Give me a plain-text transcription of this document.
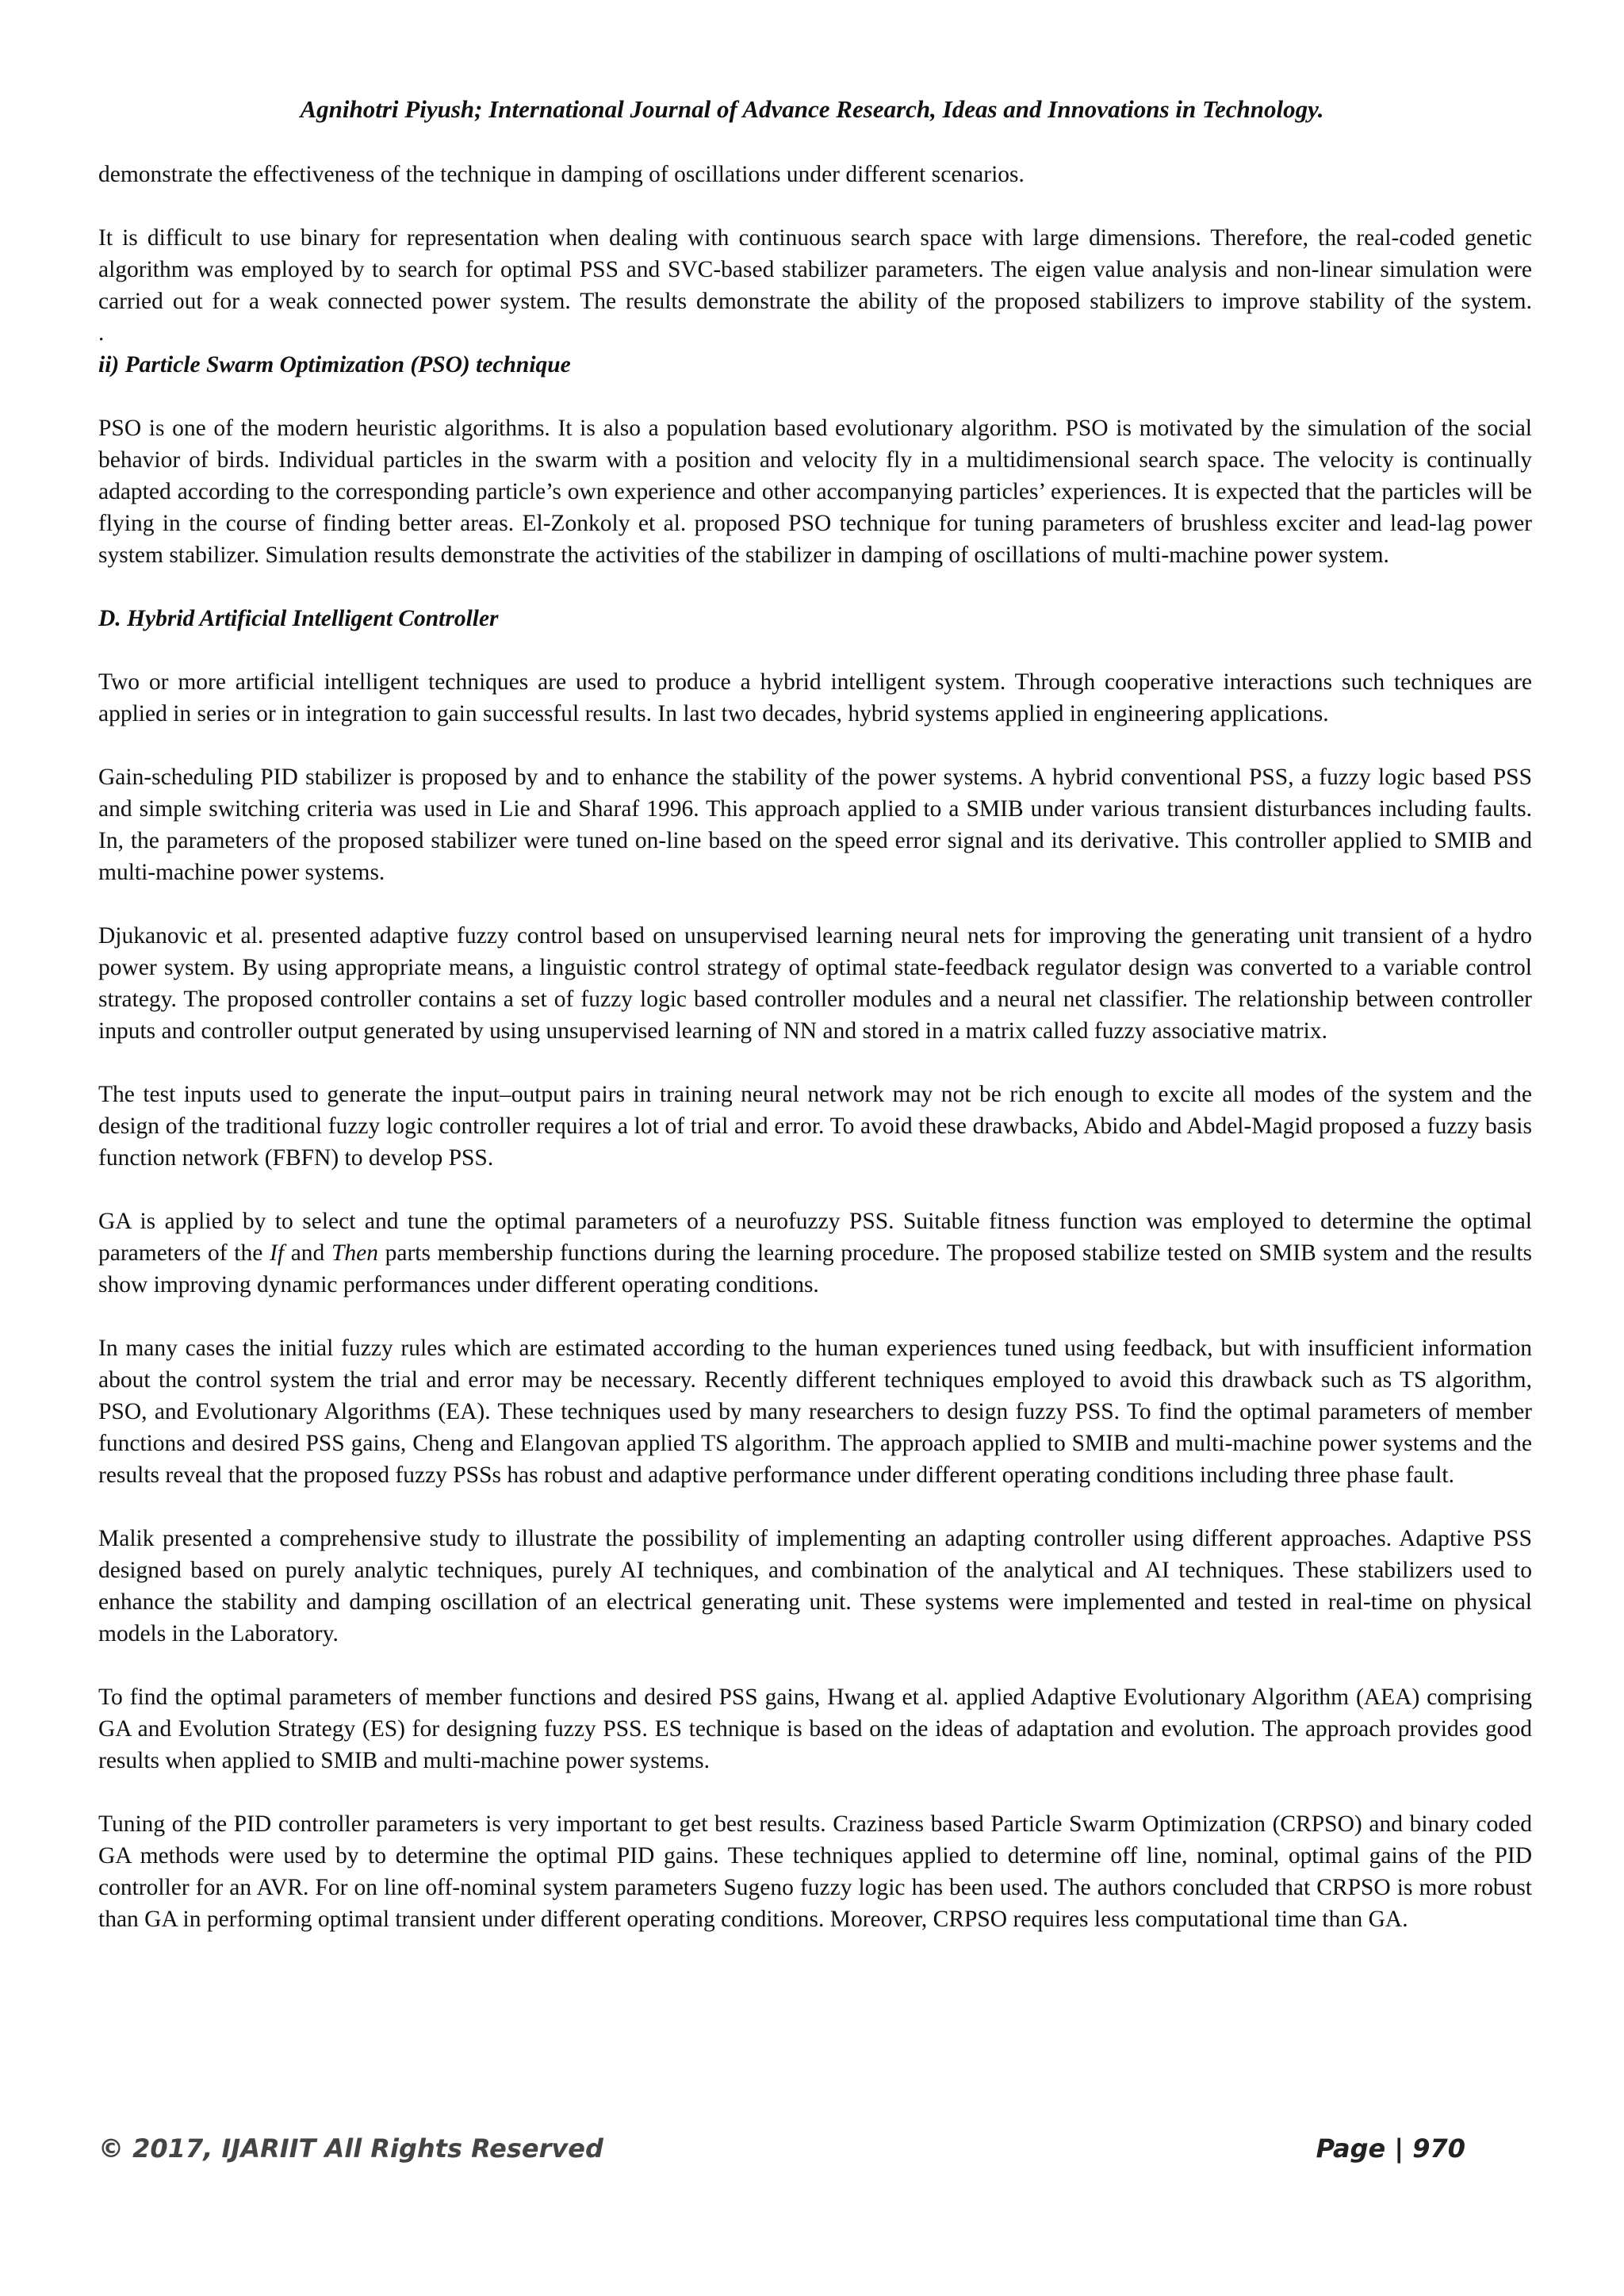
Agnihotri Piyush; International Journal of Advance Research, Ideas and Innovations in Technology.

demonstrate the effectiveness of the technique in damping of oscillations under different scenarios.

It is difficult to use binary for representation when dealing with continuous search space with large dimensions. Therefore, the real-coded genetic algorithm was employed by to search for optimal PSS and SVC-based stabilizer parameters. The eigen value analysis and non-linear simulation were carried out for a weak connected power system. The results demonstrate the ability of the proposed stabilizers to improve stability of the system.

.
ii) Particle Swarm Optimization (PSO) technique

PSO is one of the modern heuristic algorithms. It is also a population based evolutionary algorithm. PSO is motivated by the simulation of the social behavior of birds. Individual particles in the swarm with a position and velocity fly in a multidimensional search space. The velocity is continually adapted according to the corresponding particle’s own experience and other accompanying particles’ experiences. It is expected that the particles will be flying in the course of finding better areas. El-Zonkoly et al. proposed PSO technique for tuning parameters of brushless exciter and lead-lag power system stabilizer. Simulation results demonstrate the activities of the stabilizer in damping of oscillations of multi-machine power system.

D. Hybrid Artificial Intelligent Controller

Two or more artificial intelligent techniques are used to produce a hybrid intelligent system. Through cooperative interactions such techniques are applied in series or in integration to gain successful results. In last two decades, hybrid systems applied in engineering applications.

Gain-scheduling PID stabilizer is proposed by and to enhance the stability of the power systems. A hybrid conventional PSS, a fuzzy logic based PSS and simple switching criteria was used in Lie and Sharaf 1996. This approach applied to a SMIB under various transient disturbances including faults. In, the parameters of the proposed stabilizer were tuned on-line based on the speed error signal and its derivative. This controller applied to SMIB and multi-machine power systems.

Djukanovic et al. presented adaptive fuzzy control based on unsupervised learning neural nets for improving the generating unit transient of a hydro power system. By using appropriate means, a linguistic control strategy of optimal state-feedback regulator design was converted to a variable control strategy. The proposed controller contains a set of fuzzy logic based controller modules and a neural net classifier. The relationship between controller inputs and controller output generated by using unsupervised learning of NN and stored in a matrix called fuzzy associative matrix.

The test inputs used to generate the input–output pairs in training neural network may not be rich enough to excite all modes of the system and the design of the traditional fuzzy logic controller requires a lot of trial and error. To avoid these drawbacks, Abido and Abdel-Magid proposed a fuzzy basis function network (FBFN) to develop PSS.

GA is applied by to select and tune the optimal parameters of a neurofuzzy PSS. Suitable fitness function was employed to determine the optimal parameters of the If and Then parts membership functions during the learning procedure. The proposed stabilize tested on SMIB system and the results show improving dynamic performances under different operating conditions.

In many cases the initial fuzzy rules which are estimated according to the human experiences tuned using feedback, but with insufficient information about the control system the trial and error may be necessary. Recently different techniques employed to avoid this drawback such as TS algorithm, PSO, and Evolutionary Algorithms (EA). These techniques used by many researchers to design fuzzy PSS. To find the optimal parameters of member functions and desired PSS gains, Cheng and Elangovan applied TS algorithm. The approach applied to SMIB and multi-machine power systems and the results reveal that the proposed fuzzy PSSs has robust and adaptive performance under different operating conditions including three phase fault.

Malik presented a comprehensive study to illustrate the possibility of implementing an adapting controller using different approaches. Adaptive PSS designed based on purely analytic techniques, purely AI techniques, and combination of the analytical and AI techniques. These stabilizers used to enhance the stability and damping oscillation of an electrical generating unit. These systems were implemented and tested in real-time on physical models in the Laboratory.

To find the optimal parameters of member functions and desired PSS gains, Hwang et al. applied Adaptive Evolutionary Algorithm (AEA) comprising GA and Evolution Strategy (ES) for designing fuzzy PSS. ES technique is based on the ideas of adaptation and evolution. The approach provides good results when applied to SMIB and multi-machine power systems.

Tuning of the PID controller parameters is very important to get best results. Craziness based Particle Swarm Optimization (CRPSO) and binary coded GA methods were used by to determine the optimal PID gains. These techniques applied to determine off line, nominal, optimal gains of the PID controller for an AVR. For on line off-nominal system parameters Sugeno fuzzy logic has been used. The authors concluded that CRPSO is more robust than GA in performing optimal transient under different operating conditions. Moreover, CRPSO requires less computational time than GA.

© 2017, IJARIIT All Rights Reserved	Page | 970
